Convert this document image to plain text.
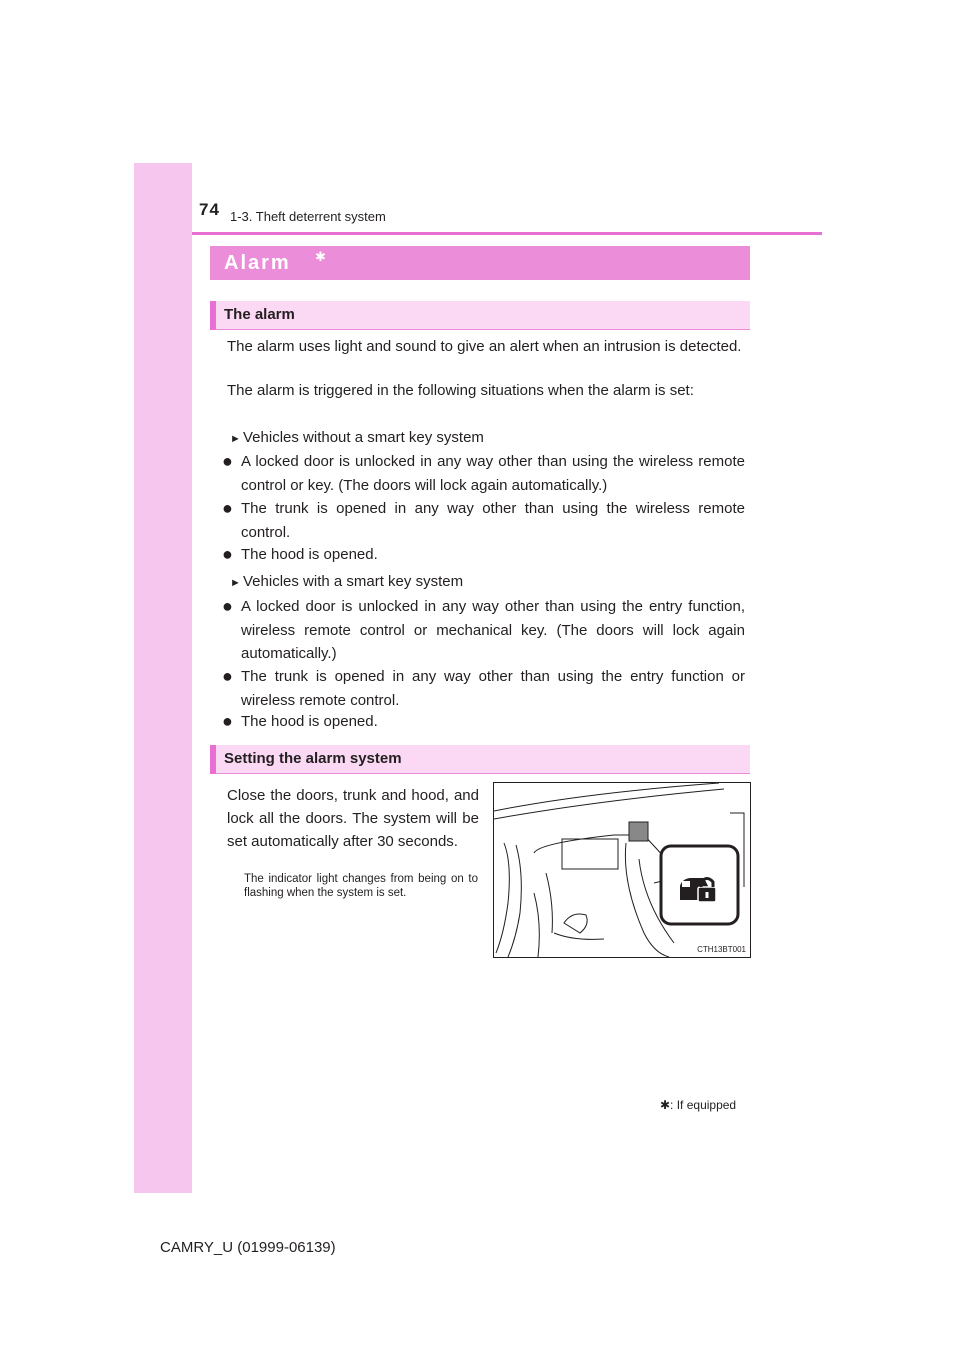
74 1-3. Theft deterrent system
Alarm ✱
The alarm
The alarm uses light and sound to give an alert when an intrusion is detected.
The alarm is triggered in the following situations when the alarm is set:
► Vehicles without a smart key system
● A locked door is unlocked in any way other than using the wireless remote control or key. (The doors will lock again automatically.)
● The trunk is opened in any way other than using the wireless remote control.
● The hood is opened.
► Vehicles with a smart key system
● A locked door is unlocked in any way other than using the entry function, wireless remote control or mechanical key. (The doors will lock again automatically.)
● The trunk is opened in any way other than using the entry function or wireless remote control.
● The hood is opened.
Setting the alarm system
Close the doors, trunk and hood, and lock all the doors. The system will be set automatically after 30 seconds.
The indicator light changes from being on to flashing when the system is set.
CTH13BT001
✱: If equipped
CAMRY_U (01999-06139)
